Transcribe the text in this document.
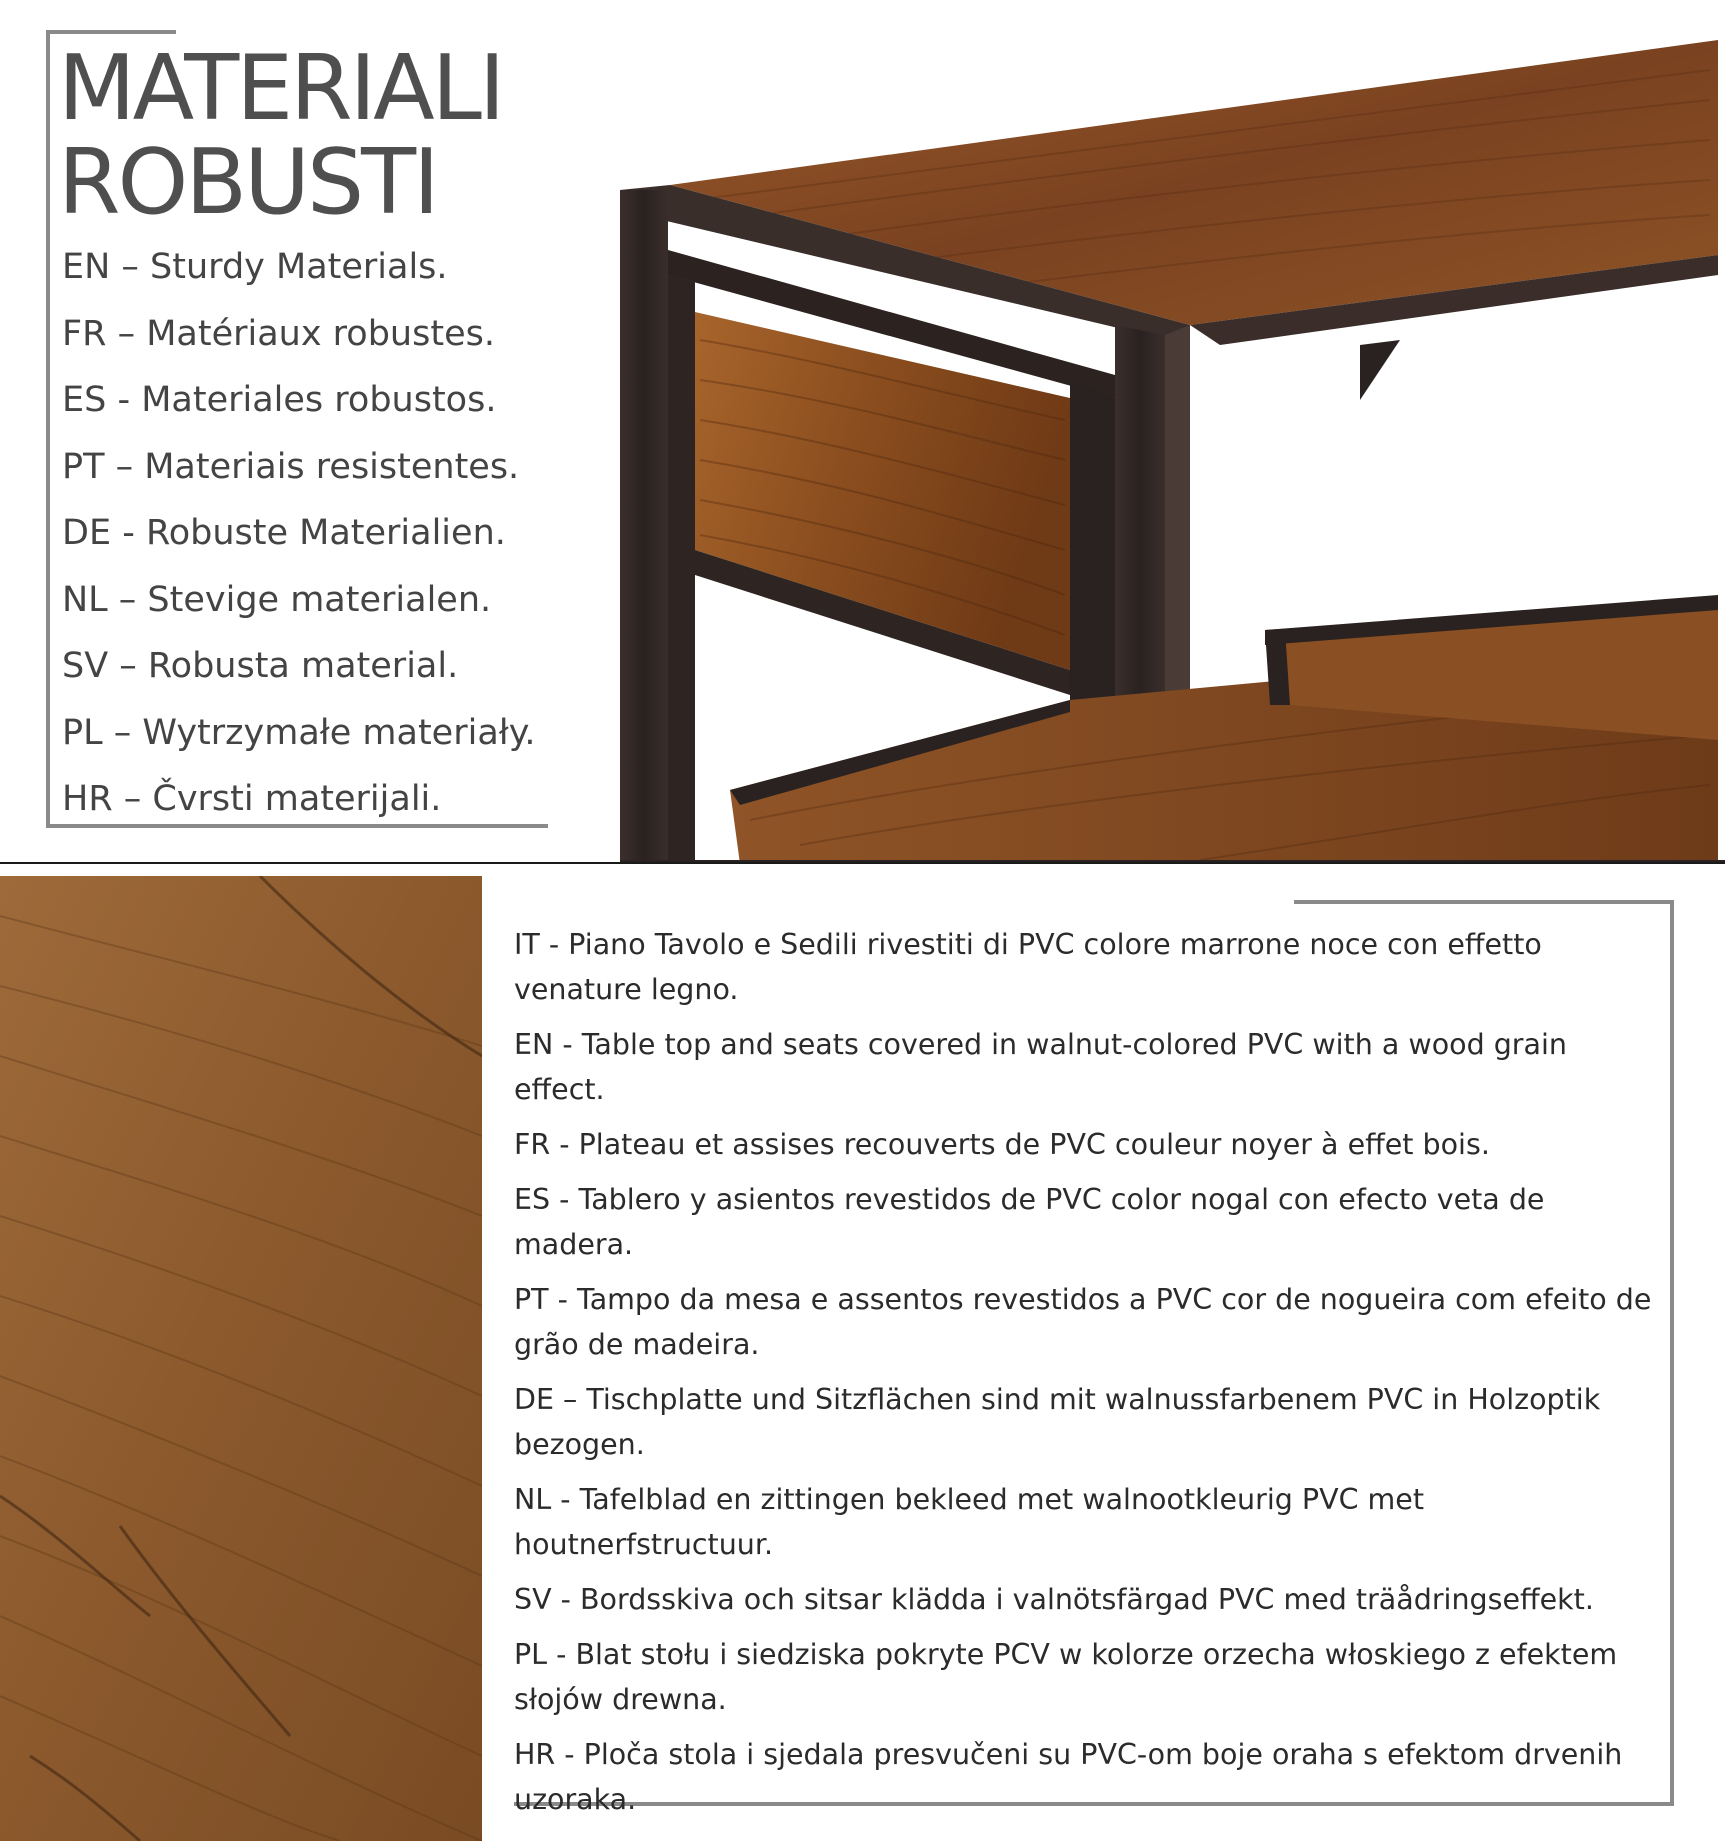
MATERIALI
ROBUSTI
EN – Sturdy Materials.
FR – Matériaux robustes.
ES - Materiales robustos.
PT – Materiais resistentes.
DE - Robuste Materialien.
NL – Stevige materialen.
SV – Robusta material.
PL – Wytrzymałe materiały.
HR – Čvrsti materijali.
IT - Piano Tavolo e Sedili rivestiti di PVC colore marrone noce con effetto venature legno.
EN - Table top and seats covered in walnut-colored PVC with a wood grain effect.
FR - Plateau et assises recouverts de PVC couleur noyer à effet bois.
ES - Tablero y asientos revestidos de PVC color nogal con efecto veta de madera.
PT - Tampo da mesa e assentos revestidos a PVC cor de nogueira com efeito de grão de madeira.
DE – Tischplatte und Sitzflächen sind mit walnussfarbenem PVC in Holzoptik bezogen.
NL - Tafelblad en zittingen bekleed met walnootkleurig PVC met houtnerfstructuur.
SV - Bordsskiva och sitsar klädda i valnötsfärgad PVC med träådringseffekt.
PL - Blat stołu i siedziska pokryte PCV w kolorze orzecha włoskiego z efektem słojów drewna.
HR - Ploča stola i sjedala presvučeni su PVC-om boje oraha s efektom drvenih uzoraka.
